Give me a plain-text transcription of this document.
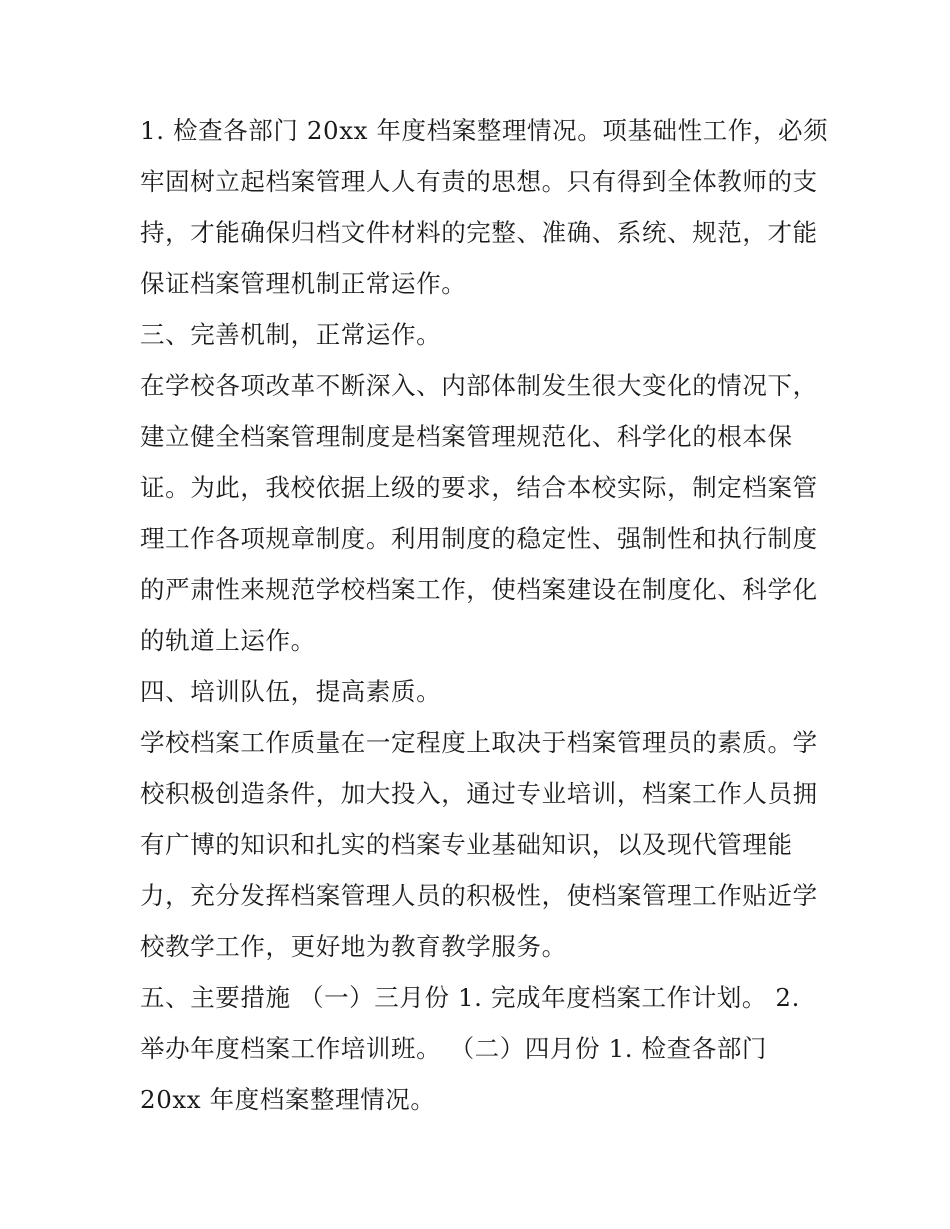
1. 检查各部门 20xx 年度档案整理情况。项基础性工作，必须
牢固树立起档案管理人人有责的思想。只有得到全体教师的支
持，才能确保归档文件材料的完整、准确、系统、规范，才能
保证档案管理机制正常运作。
三、完善机制，正常运作。
在学校各项改革不断深入、内部体制发生很大变化的情况下，
建立健全档案管理制度是档案管理规范化、科学化的根本保
证。为此，我校依据上级的要求，结合本校实际，制定档案管
理工作各项规章制度。利用制度的稳定性、强制性和执行制度
的严肃性来规范学校档案工作，使档案建设在制度化、科学化
的轨道上运作。
四、培训队伍，提高素质。
学校档案工作质量在一定程度上取决于档案管理员的素质。学
校积极创造条件，加大投入，通过专业培训，档案工作人员拥
有广博的知识和扎实的档案专业基础知识，以及现代管理能
力，充分发挥档案管理人员的积极性，使档案管理工作贴近学
校教学工作，更好地为教育教学服务。
五、主要措施 （一）三月份 1. 完成年度档案工作计划。 2.
举办年度档案工作培训班。 （二）四月份 1. 检查各部门
20xx 年度档案整理情况。
